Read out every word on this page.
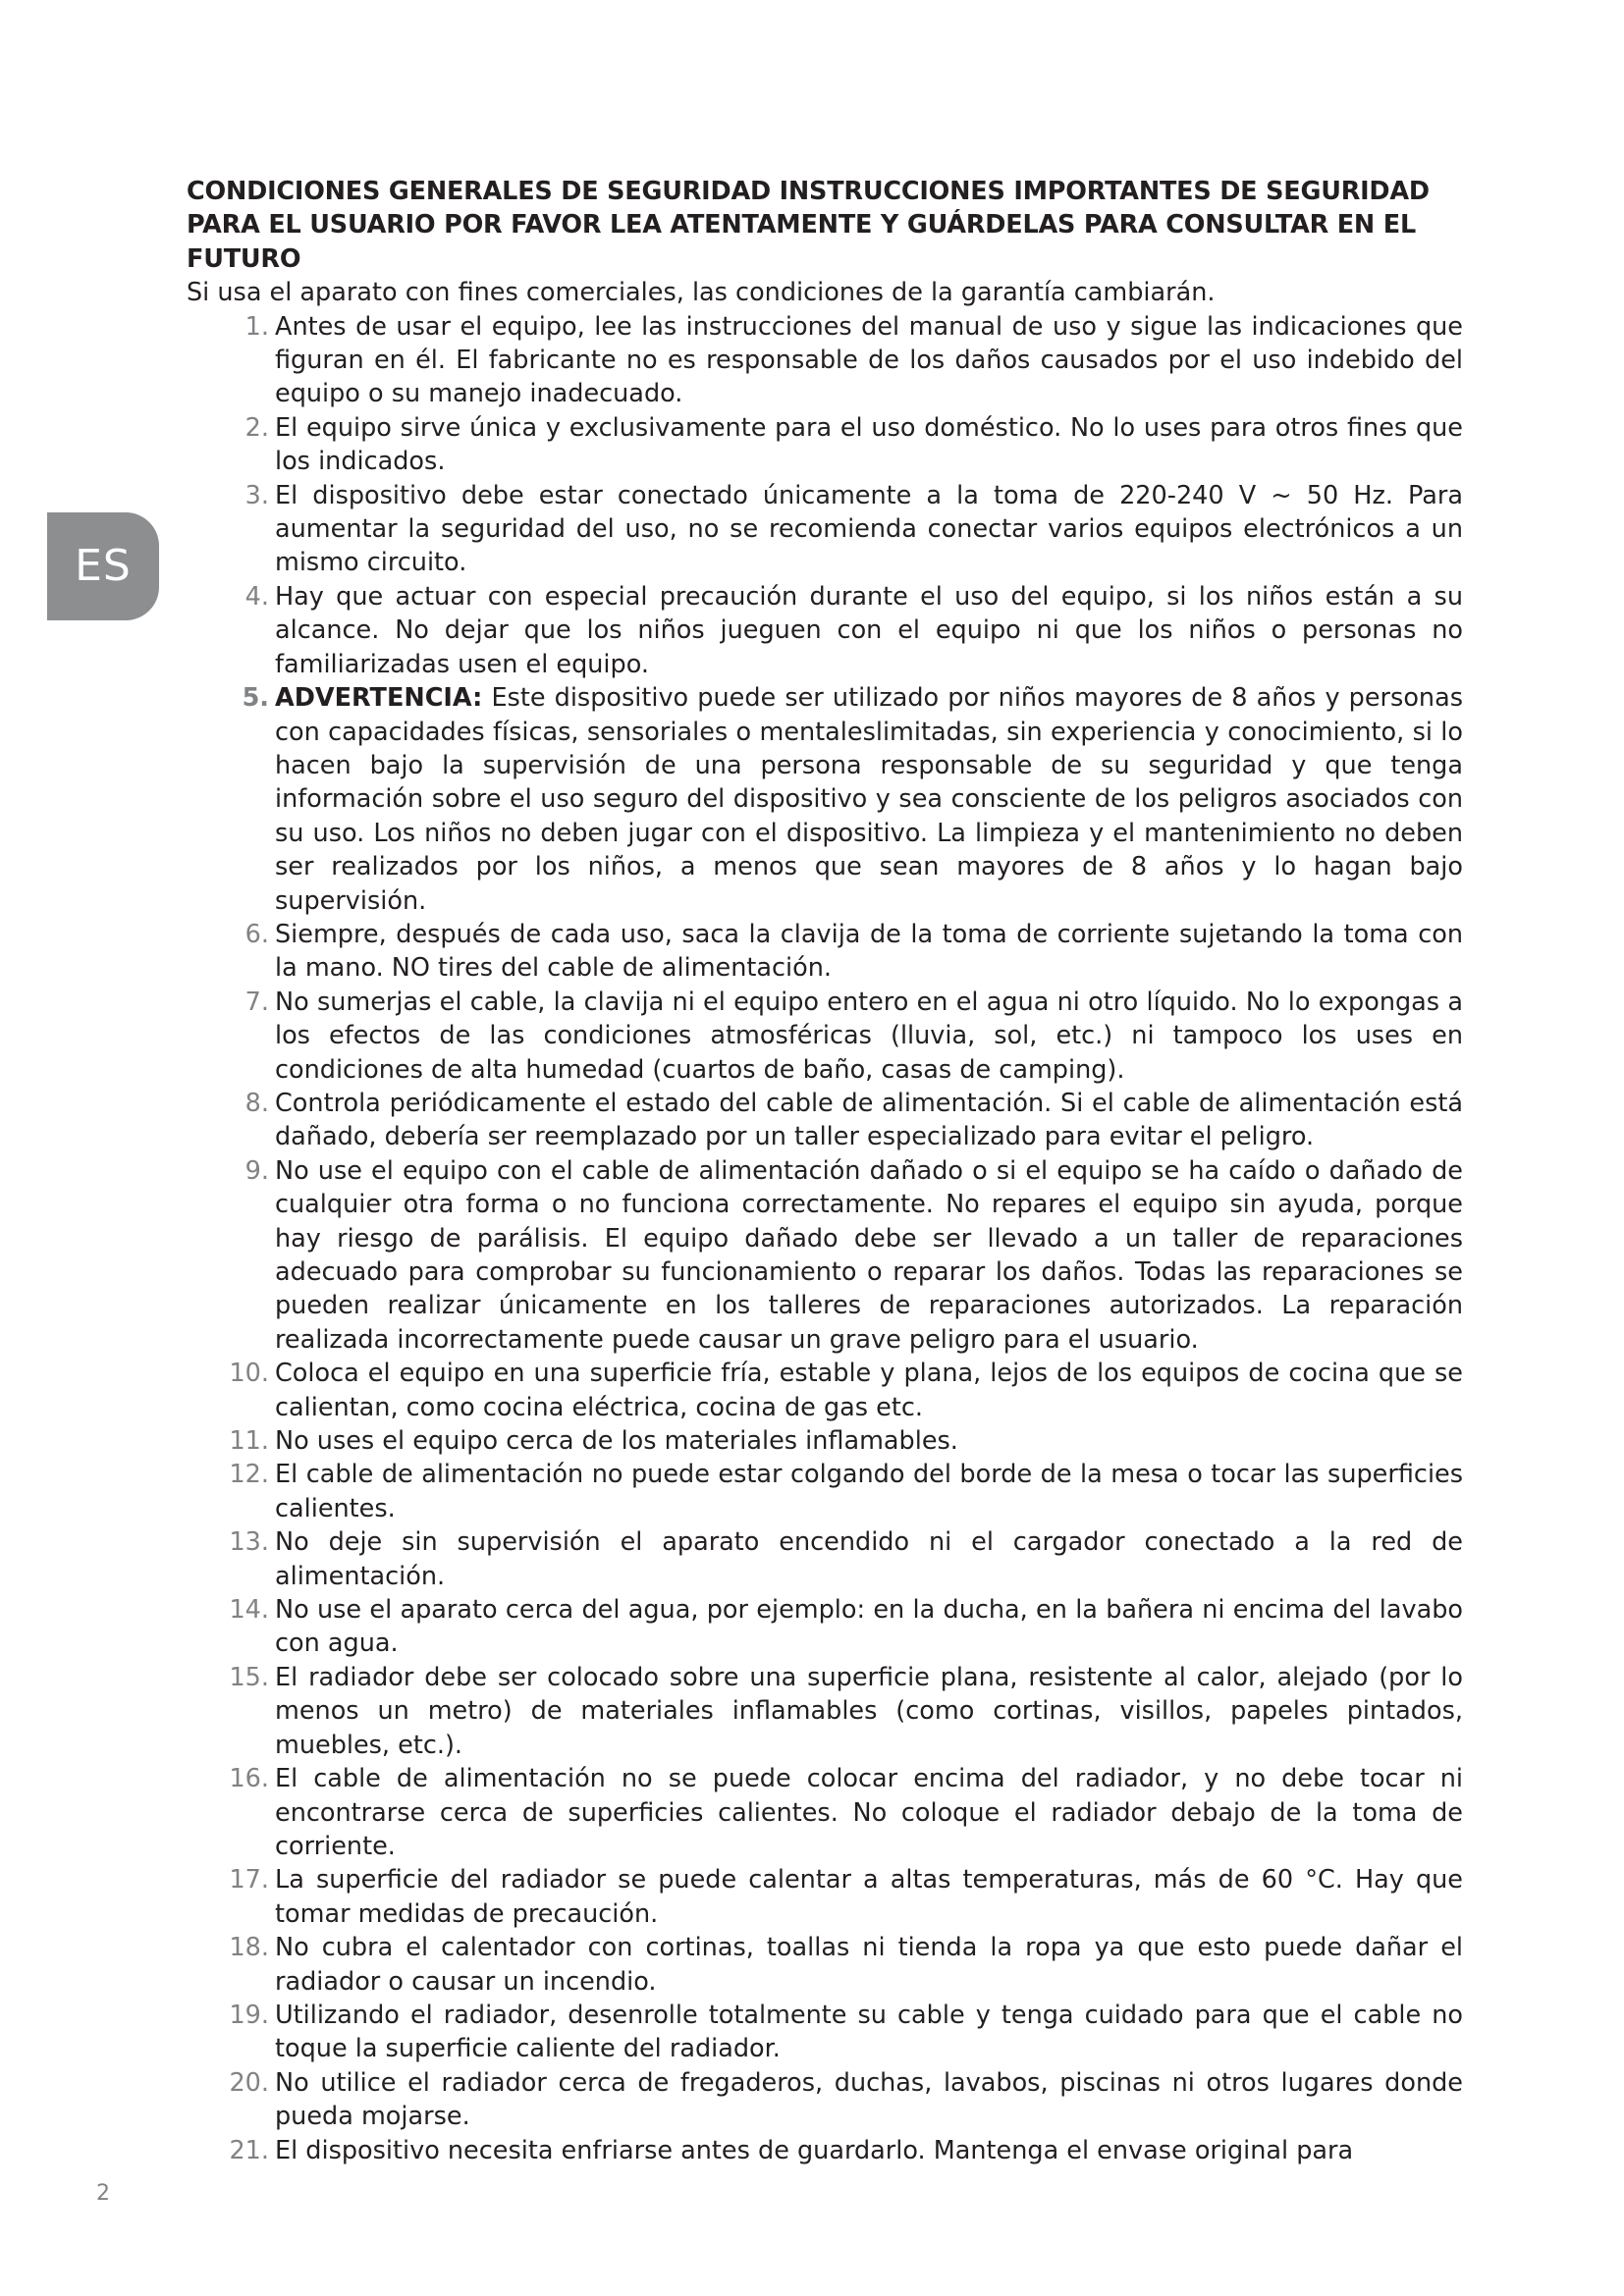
ES

CONDICIONES GENERALES DE SEGURIDAD INSTRUCCIONES IMPORTANTES DE SEGURIDAD PARA EL USUARIO POR FAVOR LEA ATENTAMENTE Y GUÁRDELAS PARA CONSULTAR EN EL FUTURO

Si usa el aparato con fines comerciales, las condiciones de la garantía cambiarán.

1. Antes de usar el equipo, lee las instrucciones del manual de uso y sigue las indicaciones que figuran en él. El fabricante no es responsable de los daños causados por el uso indebido del equipo o su manejo inadecuado.
2. El equipo sirve única y exclusivamente para el uso doméstico. No lo uses para otros fines que los indicados.
3. El dispositivo debe estar conectado únicamente a la toma de 220-240 V ~ 50 Hz. Para aumentar la seguridad del uso, no se recomienda conectar varios equipos electrónicos a un mismo circuito.
4. Hay que actuar con especial precaución durante el uso del equipo, si los niños están a su alcance. No dejar que los niños jueguen con el equipo ni que los niños o personas no familiarizadas usen el equipo.
5. ADVERTENCIA: Este dispositivo puede ser utilizado por niños mayores de 8 años y personas con capacidades físicas, sensoriales o mentaleslimitadas, sin experiencia y conocimiento, si lo hacen bajo la supervisión de una persona responsable de su seguridad y que tenga información sobre el uso seguro del dispositivo y sea consciente de los peligros asociados con su uso. Los niños no deben jugar con el dispositivo. La limpieza y el mantenimiento no deben ser realizados por los niños, a menos que sean mayores de 8 años y lo hagan bajo supervisión.
6. Siempre, después de cada uso, saca la clavija de la toma de corriente sujetando la toma con la mano. NO tires del cable de alimentación.
7. No sumerjas el cable, la clavija ni el equipo entero en el agua ni otro líquido. No lo expongas a los efectos de las condiciones atmosféricas (lluvia, sol, etc.) ni tampoco los uses en condiciones de alta humedad (cuartos de baño, casas de camping).
8. Controla periódicamente el estado del cable de alimentación. Si el cable de alimentación está dañado, debería ser reemplazado por un taller especializado para evitar el peligro.
9. No use el equipo con el cable de alimentación dañado o si el equipo se ha caído o dañado de cualquier otra forma o no funciona correctamente. No repares el equipo sin ayuda, porque hay riesgo de parálisis. El equipo dañado debe ser llevado a un taller de reparaciones adecuado para comprobar su funcionamiento o reparar los daños. Todas las reparaciones se pueden realizar únicamente en los talleres de reparaciones autorizados. La reparación realizada incorrectamente puede causar un grave peligro para el usuario.
10. Coloca el equipo en una superficie fría, estable y plana, lejos de los equipos de cocina que se calientan, como cocina eléctrica, cocina de gas etc.
11. No uses el equipo cerca de los materiales inflamables.
12. El cable de alimentación no puede estar colgando del borde de la mesa o tocar las superficies calientes.
13. No deje sin supervisión el aparato encendido ni el cargador conectado a la red de alimentación.
14. No use el aparato cerca del agua, por ejemplo: en la ducha, en la bañera ni encima del lavabo con agua.
15. El radiador debe ser colocado sobre una superficie plana, resistente al calor, alejado (por lo menos un metro) de materiales inflamables (como cortinas, visillos, papeles pintados, muebles, etc.).
16. El cable de alimentación no se puede colocar encima del radiador, y no debe tocar ni encontrarse cerca de superficies calientes. No coloque el radiador debajo de la toma de corriente.
17. La superficie del radiador se puede calentar a altas temperaturas, más de 60 °C. Hay que tomar medidas de precaución.
18. No cubra el calentador con cortinas, toallas ni tienda la ropa ya que esto puede dañar el radiador o causar un incendio.
19. Utilizando el radiador, desenrolle totalmente su cable y tenga cuidado para que el cable no toque la superficie caliente del radiador.
20. No utilice el radiador cerca de fregaderos, duchas, lavabos, piscinas ni otros lugares donde pueda mojarse.
21. El dispositivo necesita enfriarse antes de guardarlo. Mantenga el envase original para
2
